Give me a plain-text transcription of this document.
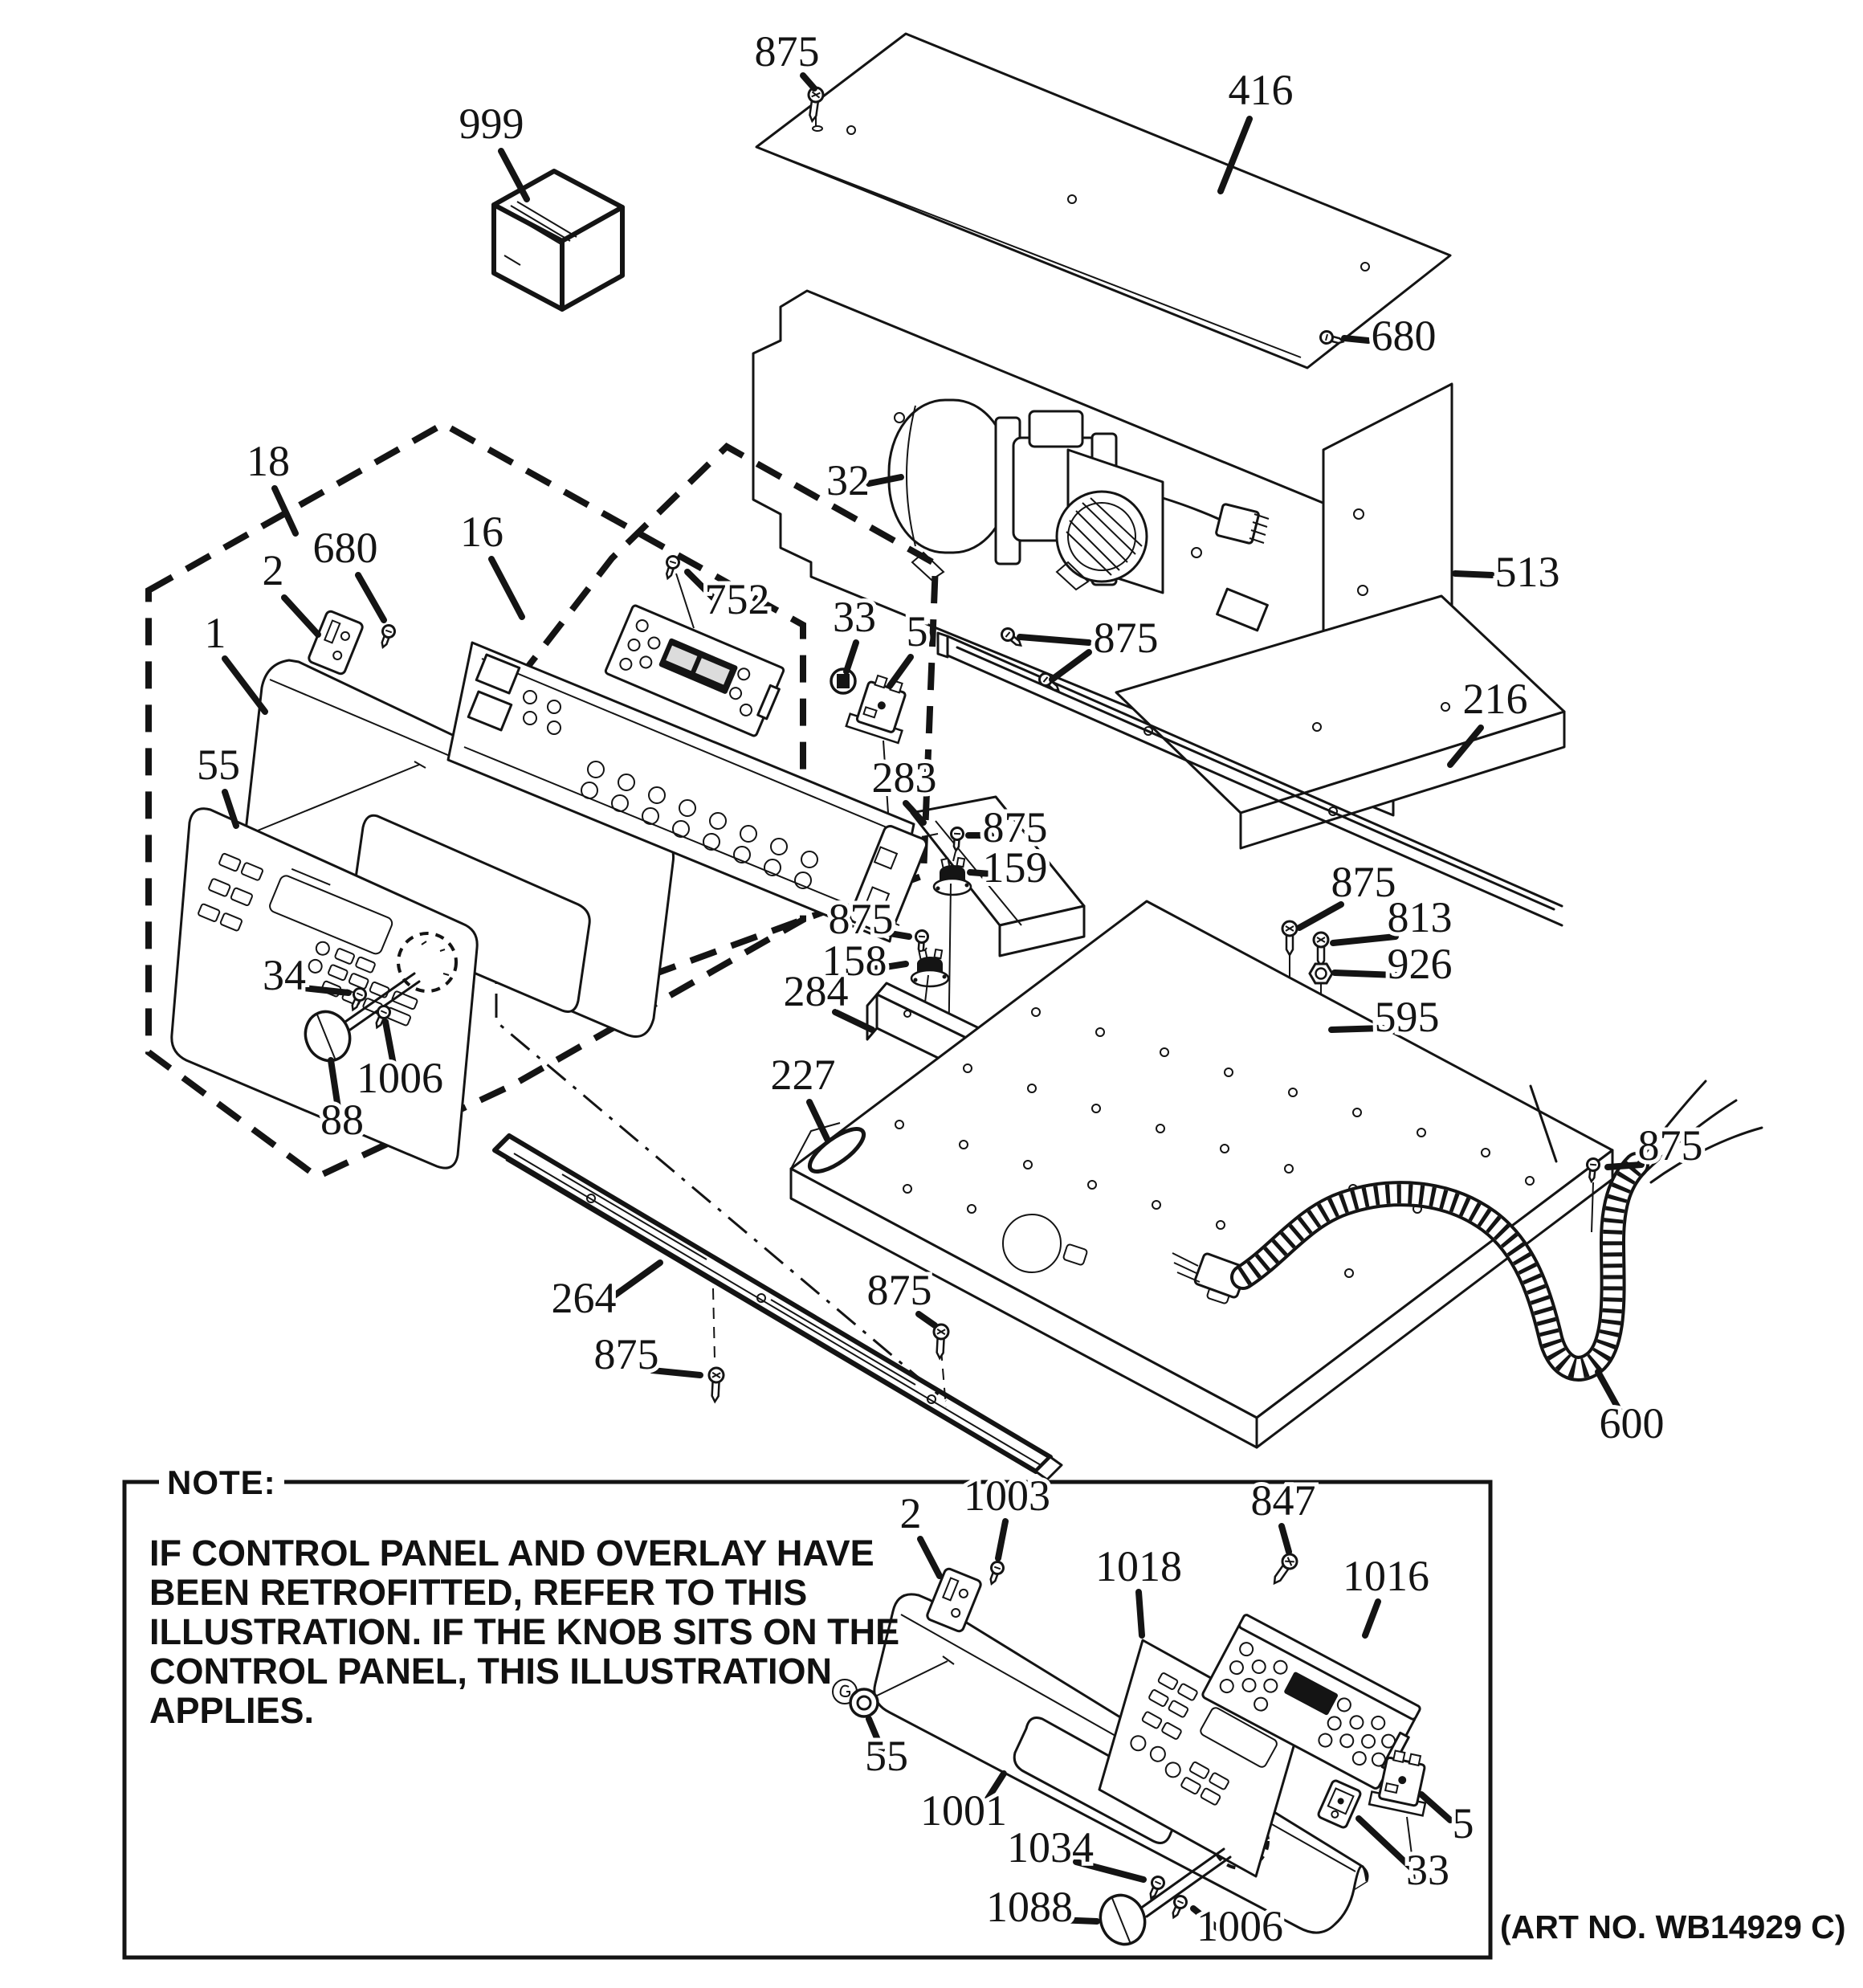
875
999
416
680
32
513
216
875
283
875
159
875
158
284
875
813
926
595
227
264
875
875
600
875
18
16
1
2 680
55
752
34
1006
88
2 1003	847
1018	1016
55
1001
1034
1088	1006
33
5
33 5
NOTE:
IF CONTROL PANEL AND OVERLAY HAVE
BEEN RETROFITTED, REFER TO THIS
ILLUSTRATION. IF THE KNOB SITS ON THE
CONTROL PANEL, THIS ILLUSTRATION
APPLIES.
(ART NO. WB14929 C)
